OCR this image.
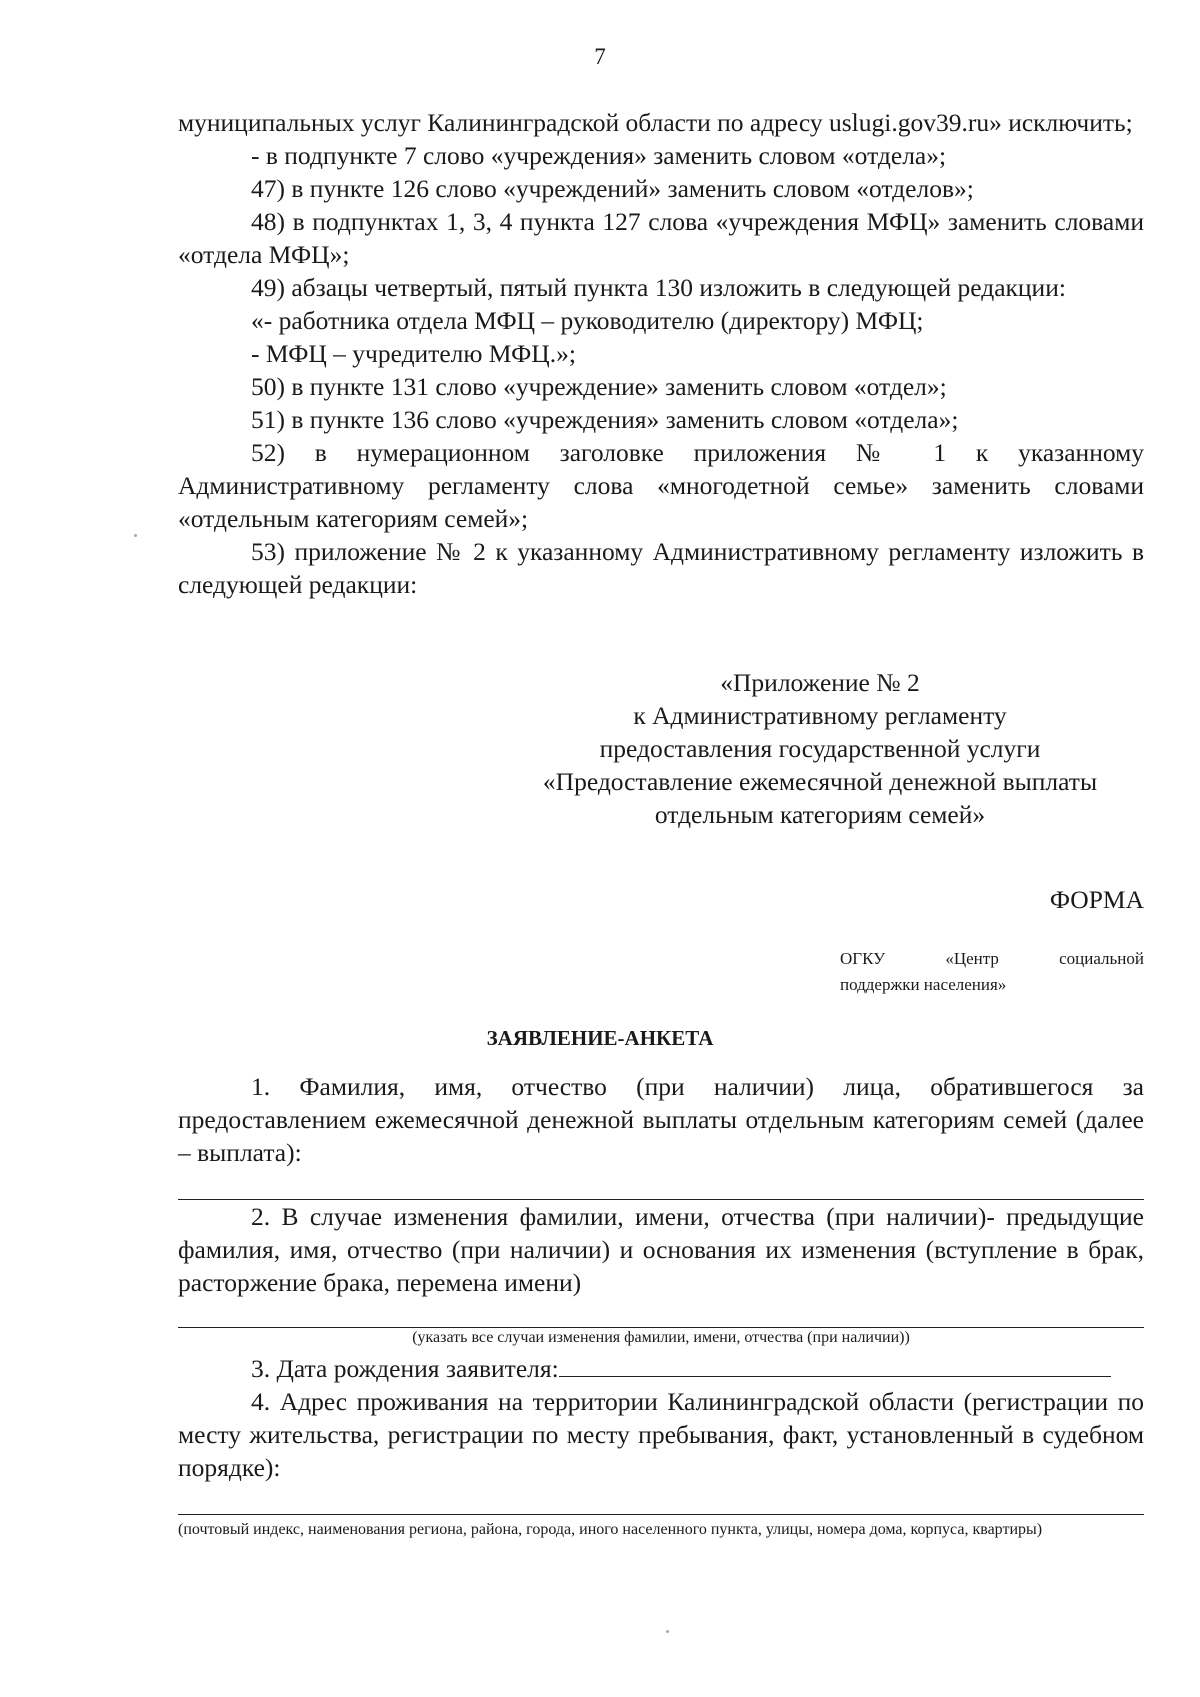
7

муниципальных услуг Калининградской области по адресу uslugi.gov39.ru» исключить;

- в подпункте 7 слово «учреждения» заменить словом «отдела»;

47) в пункте 126 слово «учреждений» заменить словом «отделов»;

48) в подпунктах 1, 3, 4 пункта 127 слова «учреждения МФЦ» заменить словами «отдела МФЦ»;

49) абзацы четвертый, пятый пункта 130 изложить в следующей редакции:

«- работника отдела МФЦ – руководителю (директору) МФЦ;

- МФЦ – учредителю МФЦ.»;

50) в пункте 131 слово «учреждение» заменить словом «отдел»;

51) в пункте 136 слово «учреждения» заменить словом «отдела»;

52) в нумерационном заголовке приложения № 1 к указанному Административному регламенту слова «многодетной семье» заменить словами «отдельным категориям семей»;

53) приложение № 2 к указанному Административному регламенту изложить в следующей редакции:

«Приложение № 2

к Административному регламенту

предоставления государственной услуги

«Предоставление ежемесячной денежной выплаты

отдельным категориям семей»

ФОРМА
ОГКУ	«Центр	социальной
поддержки населения»
ЗАЯВЛЕНИЕ-АНКЕТА

1. Фамилия, имя, отчество (при наличии) лица, обратившегося за предоставлением ежемесячной денежной выплаты отдельным категориям семей (далее – выплата):

2. В случае изменения фамилии, имени, отчества (при наличии)- предыдущие фамилия, имя, отчество (при наличии) и основания их изменения (вступление в брак, расторжение брака, перемена имени)

(указать все случаи изменения фамилии, имени, отчества (при наличии))

3. Дата рождения заявителя:

4. Адрес проживания на территории Калининградской области (регистрации по месту жительства, регистрации по месту пребывания, факт, установленный в судебном порядке):

(почтовый индекс, наименования региона, района, города, иного населенного пункта, улицы, номера дома, корпуса, квартиры)
